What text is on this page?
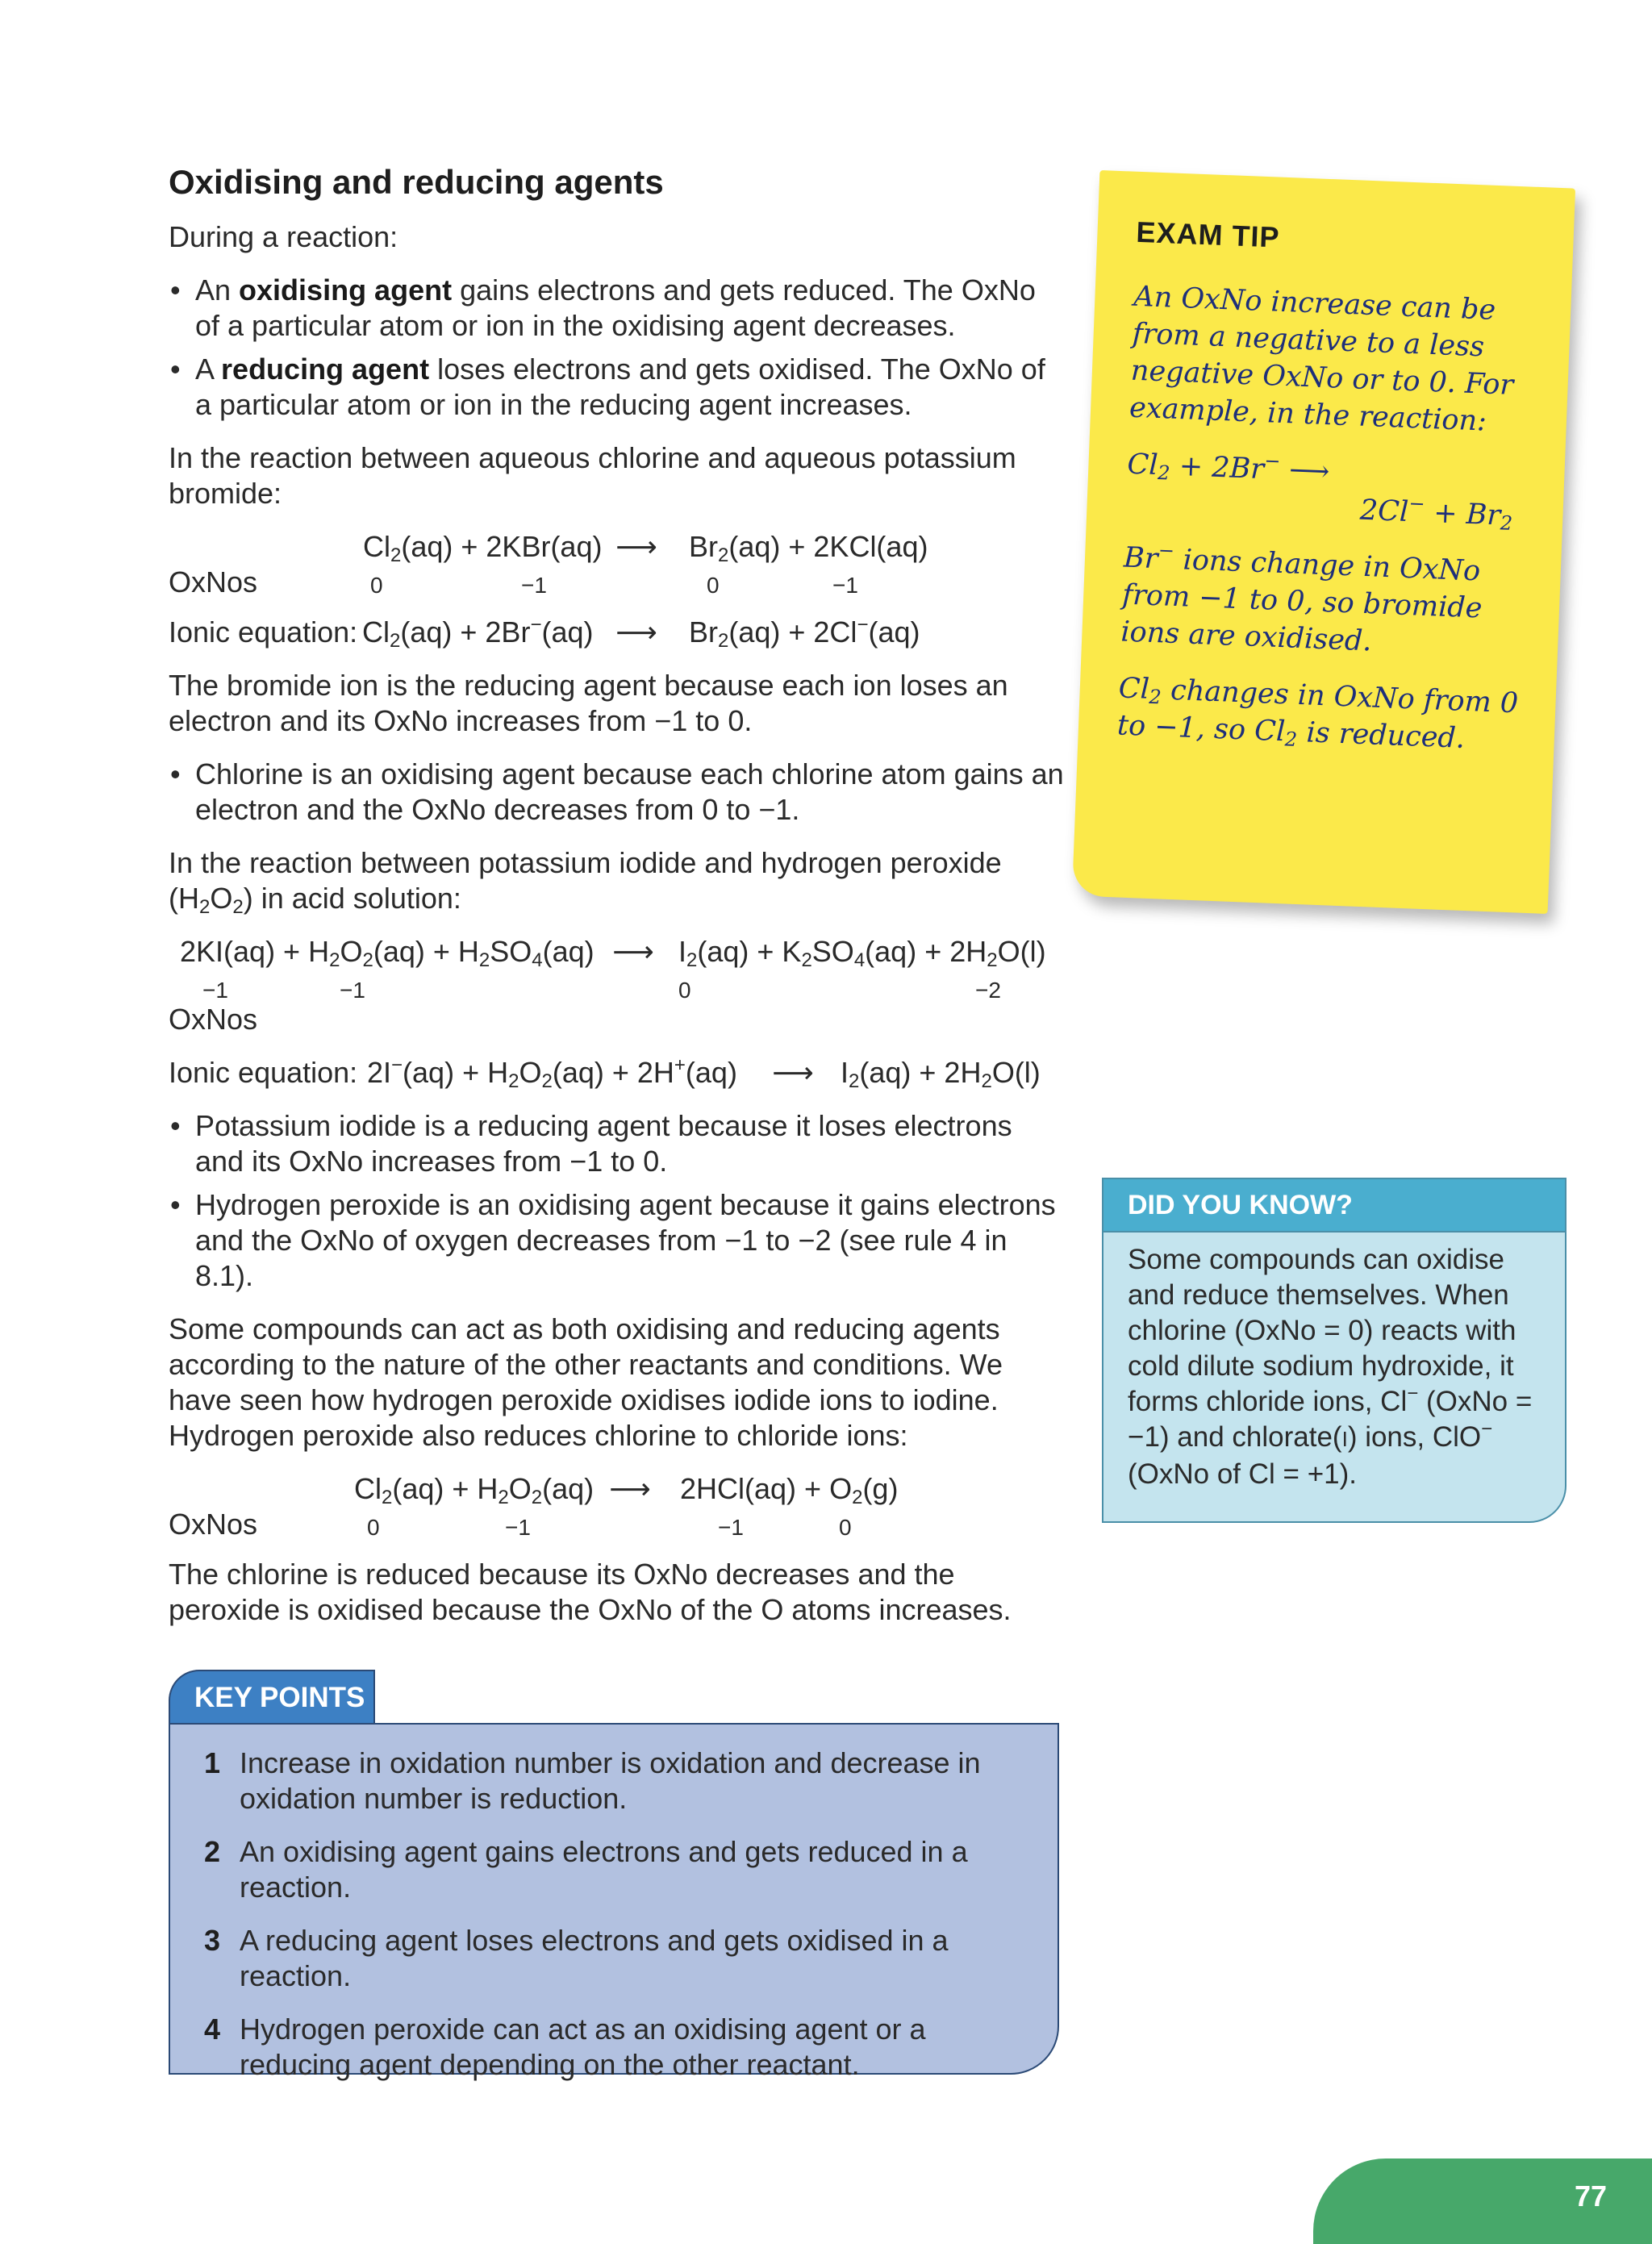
Oxidising and reducing agents

During a reaction:

• An oxidising agent gains electrons and gets reduced. The OxNo of a particular atom or ion in the oxidising agent decreases.
• A reducing agent loses electrons and gets oxidised. The OxNo of a particular atom or ion in the reducing agent increases.

In the reaction between aqueous chlorine and aqueous potassium bromide:

$Cl_2(aq) + 2KBr(aq)$ ⟶ $Br_2(aq) + 2KCl(aq)$
OxNos	0	−1	0	−1
Ionic equation: $Cl_2(aq) + 2Br^-(aq)$ ⟶ $Br_2(aq) + 2Cl^-(aq)$

The bromide ion is the reducing agent because each ion loses an electron and its OxNo increases from −1 to 0.

• Chlorine is an oxidising agent because each chlorine atom gains an electron and the OxNo decreases from 0 to −1.

In the reaction between potassium iodide and hydrogen peroxide
$(H_2O_2)$ in acid solution:

$2KI(aq) + H_2O_2(aq) + H_2SO_4(aq)$ ⟶ $I_2(aq) + K_2SO_4(aq) + 2H_2O(l)$
−1	−1	0	−2
OxNos
Ionic equation: $2I^-(aq) + H_2O_2(aq) + 2H^+(aq)$ ⟶ $I_2(aq) + 2H_2O(l)$
• Potassium iodide is a reducing agent because it loses electrons and its OxNo increases from −1 to 0.
• Hydrogen peroxide is an oxidising agent because it gains electrons and the OxNo of oxygen decreases from −1 to −2 (see rule 4 in 8.1).

Some compounds can act as both oxidising and reducing agents according to the nature of the other reactants and conditions. We have seen how hydrogen peroxide oxidises iodide ions to iodine. Hydrogen peroxide also reduces chlorine to chloride ions:

$Cl_2(aq) + H_2O_2(aq)$ ⟶ $2HCl(aq) + O_2(g)$
OxNos	0	−1	−1	0

The chlorine is reduced because its OxNo decreases and the peroxide is oxidised because the OxNo of the O atoms increases.

EXAM TIP

An OxNo increase can be from a negative to a less negative OxNo or to 0. For example, in the reaction:

$Cl_2 + 2Br^-$ ⟶
$2Cl^- + Br_2$

Br− ions change in OxNo from −1 to 0, so bromide ions are oxidised.

$Cl_2$ changes in OxNo from 0 to −1, so $Cl_2$ is reduced.

DID YOU KNOW?
Some compounds can oxidise and reduce themselves. When chlorine (OxNo = 0) reacts with cold dilute sodium hydroxide, it forms chloride ions, Cl− (OxNo = −1) and chlorate(I) ions, ClO− (OxNo of Cl = +1).
KEY POINTS
1 Increase in oxidation number is oxidation and decrease in oxidation number is reduction.
2 An oxidising agent gains electrons and gets reduced in a reaction.
3 A reducing agent loses electrons and gets oxidised in a reaction.
4 Hydrogen peroxide can act as an oxidising agent or a reducing agent depending on the other reactant.
77
